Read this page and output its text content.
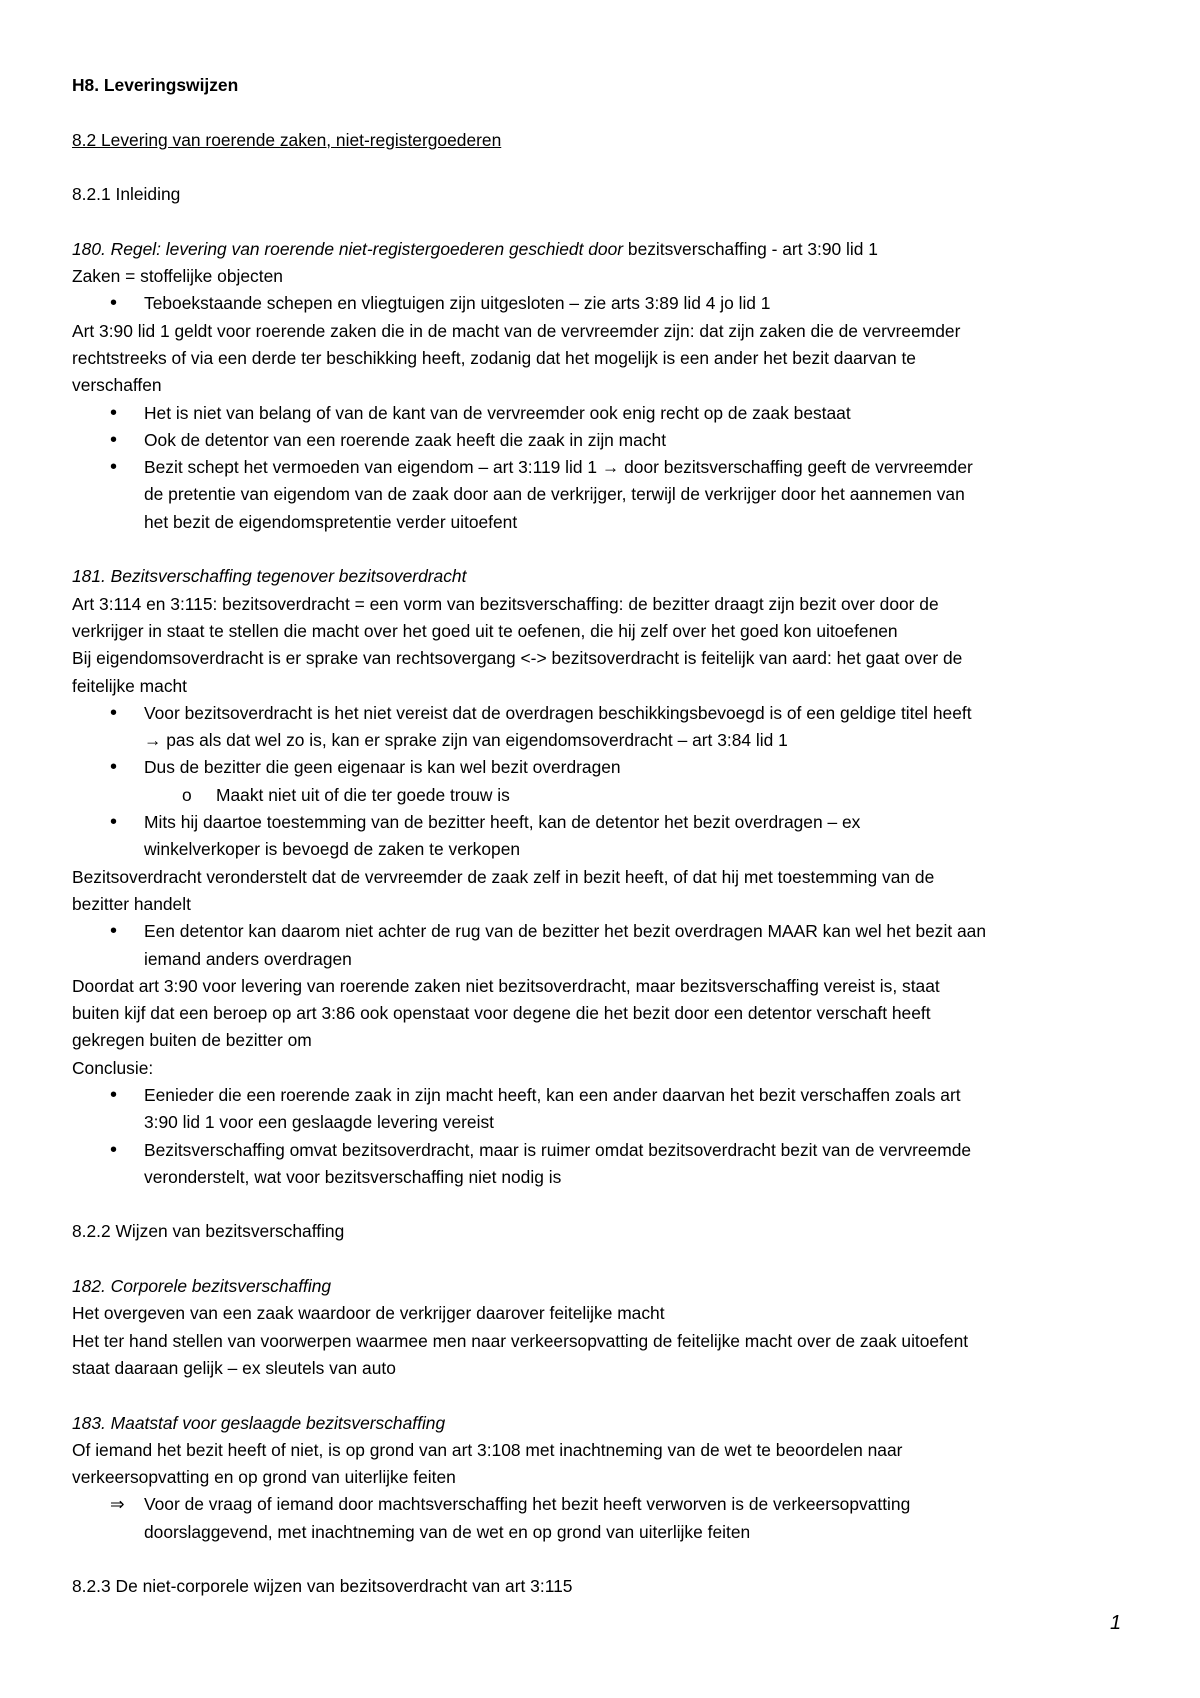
H8. Leveringswijzen
8.2 Levering van roerende zaken, niet-registergoederen
8.2.1 Inleiding
180. Regel: levering van roerende niet-registergoederen geschiedt door bezitsverschaffing - art 3:90 lid 1
Zaken = stoffelijke objecten
•
Teboekstaande schepen en vliegtuigen zijn uitgesloten – zie arts 3:89 lid 4 jo lid 1
Art 3:90 lid 1 geldt voor roerende zaken die in de macht van de vervreemder zijn: dat zijn zaken die de vervreemder
rechtstreeks of via een derde ter beschikking heeft, zodanig dat het mogelijk is een ander het bezit daarvan te
verschaffen
•
Het is niet van belang of van de kant van de vervreemder ook enig recht op de zaak bestaat
•
Ook de detentor van een roerende zaak heeft die zaak in zijn macht
•
Bezit schept het vermoeden van eigendom – art 3:119 lid 1 → door bezitsverschaffing geeft de vervreemder
de pretentie van eigendom van de zaak door aan de verkrijger, terwijl de verkrijger door het aannemen van
het bezit de eigendomspretentie verder uitoefent
181. Bezitsverschaffing tegenover bezitsoverdracht
Art 3:114 en 3:115: bezitsoverdracht = een vorm van bezitsverschaffing: de bezitter draagt zijn bezit over door de
verkrijger in staat te stellen die macht over het goed uit te oefenen, die hij zelf over het goed kon uitoefenen
Bij eigendomsoverdracht is er sprake van rechtsovergang <-> bezitsoverdracht is feitelijk van aard: het gaat over de
feitelijke macht
•
Voor bezitsoverdracht is het niet vereist dat de overdragen beschikkingsbevoegd is of een geldige titel heeft
→ pas als dat wel zo is, kan er sprake zijn van eigendomsoverdracht – art 3:84 lid 1
•
Dus de bezitter die geen eigenaar is kan wel bezit overdragen
o Maakt niet uit of die ter goede trouw is
•
Mits hij daartoe toestemming van de bezitter heeft, kan de detentor het bezit overdragen – ex
winkelverkoper is bevoegd de zaken te verkopen
Bezitsoverdracht veronderstelt dat de vervreemder de zaak zelf in bezit heeft, of dat hij met toestemming van de
bezitter handelt
•
Een detentor kan daarom niet achter de rug van de bezitter het bezit overdragen MAAR kan wel het bezit aan
iemand anders overdragen
Doordat art 3:90 voor levering van roerende zaken niet bezitsoverdracht, maar bezitsverschaffing vereist is, staat
buiten kijf dat een beroep op art 3:86 ook openstaat voor degene die het bezit door een detentor verschaft heeft
gekregen buiten de bezitter om
Conclusie:
•
Eenieder die een roerende zaak in zijn macht heeft, kan een ander daarvan het bezit verschaffen zoals art
3:90 lid 1 voor een geslaagde levering vereist
•
Bezitsverschaffing omvat bezitsoverdracht, maar is ruimer omdat bezitsoverdracht bezit van de vervreemde
veronderstelt, wat voor bezitsverschaffing niet nodig is
8.2.2 Wijzen van bezitsverschaffing
182. Corporele bezitsverschaffing
Het overgeven van een zaak waardoor de verkrijger daarover feitelijke macht
Het ter hand stellen van voorwerpen waarmee men naar verkeersopvatting de feitelijke macht over de zaak uitoefent
staat daaraan gelijk – ex sleutels van auto
183. Maatstaf voor geslaagde bezitsverschaffing
Of iemand het bezit heeft of niet, is op grond van art 3:108 met inachtneming van de wet te beoordelen naar
verkeersopvatting en op grond van uiterlijke feiten
⇒ Voor de vraag of iemand door machtsverschaffing het bezit heeft verworven is de verkeersopvatting
doorslaggevend, met inachtneming van de wet en op grond van uiterlijke feiten
8.2.3 De niet-corporele wijzen van bezitsoverdracht van art 3:115
1
